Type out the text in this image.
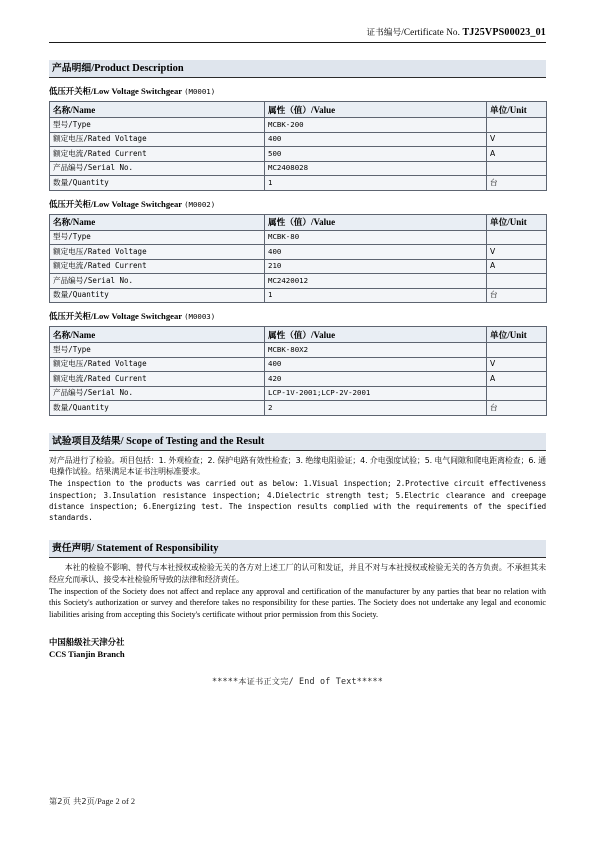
证书编号/Certificate No. TJ25VPS00023_01
产品明细/Product Description
低压开关柜/Low Voltage Switchgear (M0001)
名称/Name	属性（值）/Value	单位/Unit
型号/Type	MCBK-200	
额定电压/Rated Voltage	400	V
额定电流/Rated Current	500	A
产品编号/Serial No.	MC2408028	
数量/Quantity	1	台
低压开关柜/Low Voltage Switchgear (M0002)
名称/Name	属性（值）/Value	单位/Unit
型号/Type	MCBK-80	
额定电压/Rated Voltage	400	V
额定电流/Rated Current	210	A
产品编号/Serial No.	MC2420012	
数量/Quantity	1	台
低压开关柜/Low Voltage Switchgear (M0003)
名称/Name	属性（值）/Value	单位/Unit
型号/Type	MCBK-80X2	
额定电压/Rated Voltage	400	V
额定电流/Rated Current	420	A
产品编号/Serial No.	LCP-1V-2001;LCP-2V-2001	
数量/Quantity	2	台
试验项目及结果/ Scope of Testing and the Result
对产品进行了检验。项目包括：1. 外观检查；2. 保护电路有效性检查；3. 绝缘电阻验证；4. 介电强度试验；5. 电气间隙和爬电距离检查；6. 通电操作试验。结果满足本证书注明标准要求。
The inspection to the products was carried out as below: 1.Visual inspection; 2.Protective circuit effectiveness inspection; 3.Insulation resistance inspection; 4.Dielectric strength test; 5.Electric clearance and creepage distance inspection; 6.Energizing test. The inspection results complied with the requirements of the specified standards.
责任声明/ Statement of Responsibility
本社的检验不影响、替代与本社授权或检验无关的各方对上述工厂的认可和发证，并且不对与本社授权或检验无关的各方负责。不承担其未经应允而承认、接受本社检验所导致的法律和经济责任。
The inspection of the Society does not affect and replace any approval and certification of the manufacturer by any parties that bear no relation with this Society's authorization or survey and therefore takes no responsibility for these parties. The Society does not undertake any legal and economic liabilities arising from accepting this Society's certificate without prior permission from this Society.
中国船级社天津分社
CCS Tianjin Branch
*****本证书正文完/ End of Text*****
第2页 共2页/Page 2 of 2
